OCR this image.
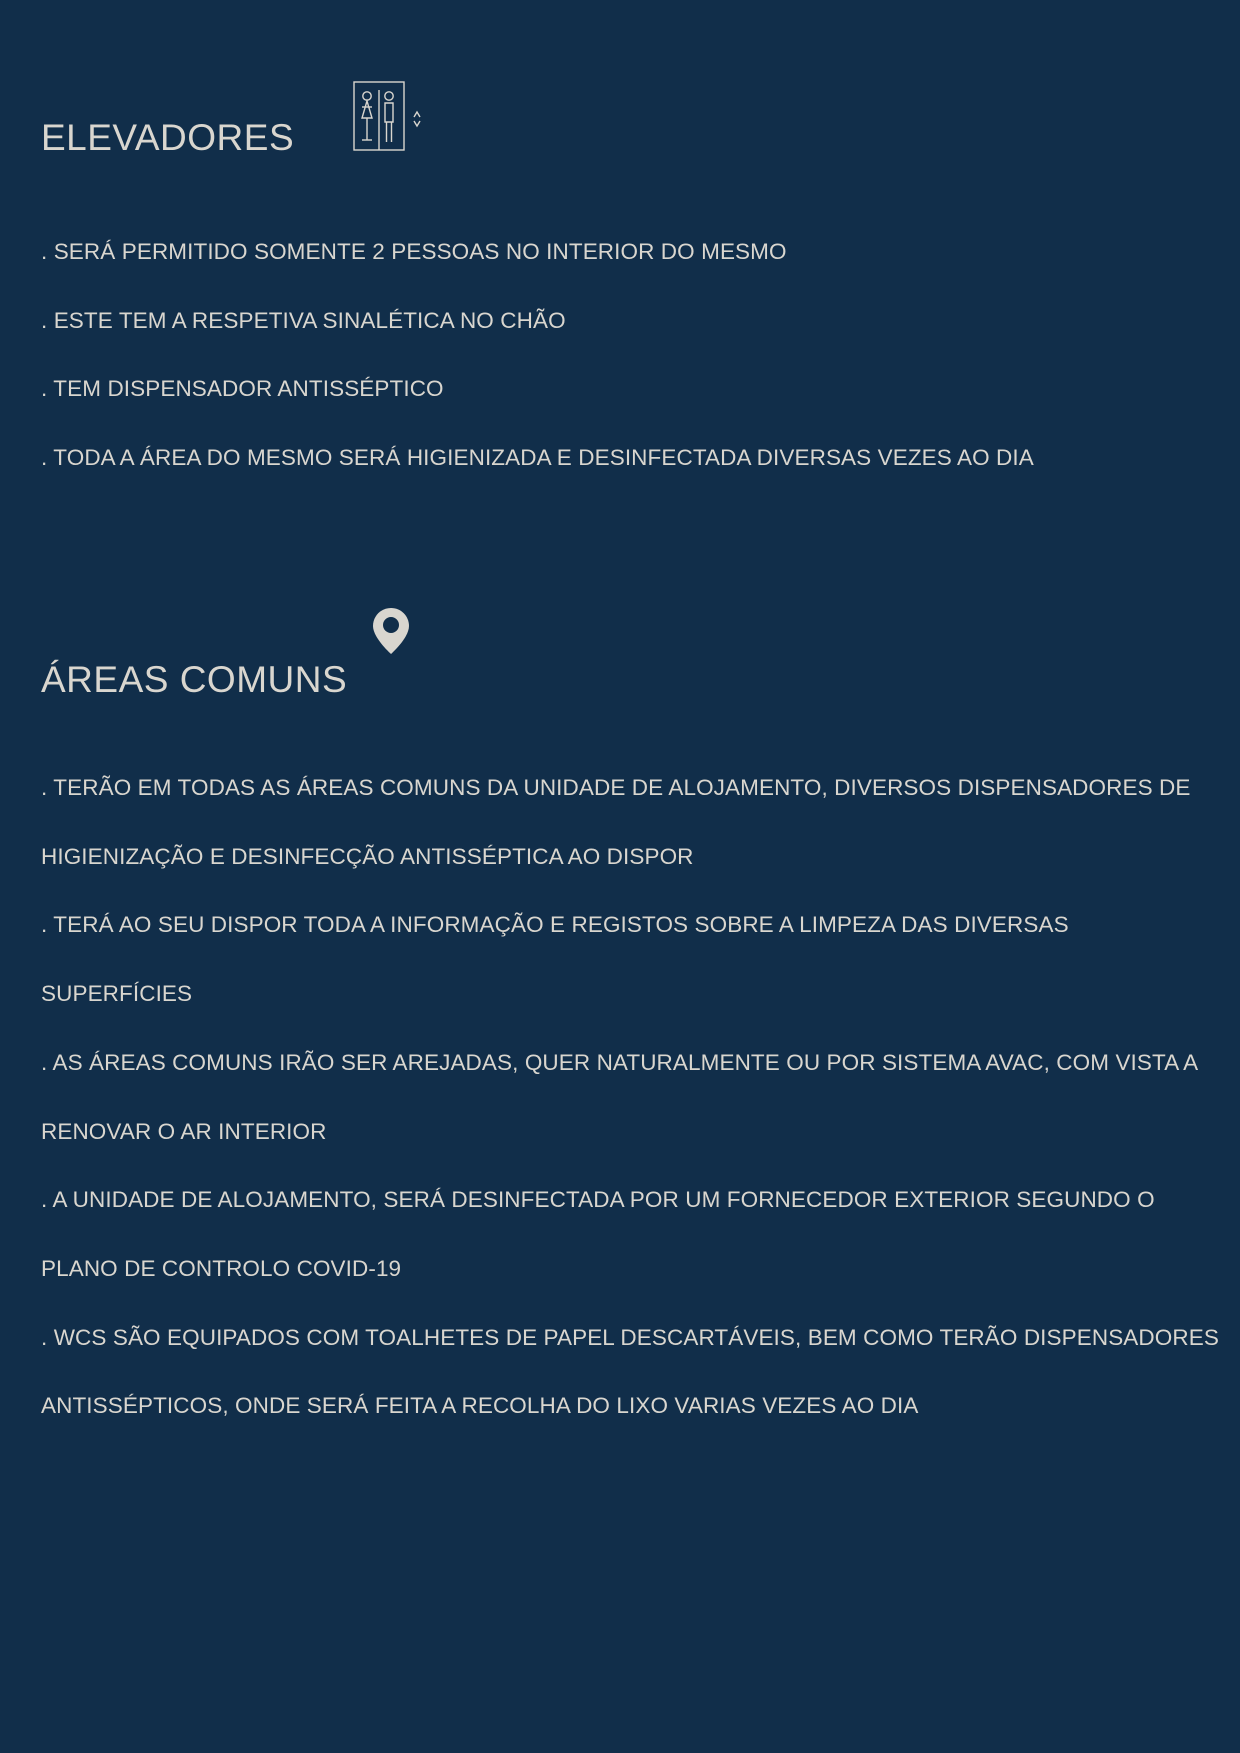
ELEVADORES
. SERÁ PERMITIDO SOMENTE 2 PESSOAS NO INTERIOR DO MESMO
. ESTE TEM A RESPETIVA SINALÉTICA NO CHÃO
. TEM DISPENSADOR ANTISSÉPTICO
. TODA A ÁREA DO MESMO SERÁ HIGIENIZADA E DESINFECTADA DIVERSAS VEZES AO DIA
ÁREAS COMUNS
. TERÃO EM TODAS AS ÁREAS COMUNS DA UNIDADE DE ALOJAMENTO, DIVERSOS DISPENSADORES DE HIGIENIZAÇÃO E DESINFECÇÃO ANTISSÉPTICA AO DISPOR
. TERÁ AO SEU DISPOR TODA A INFORMAÇÃO E REGISTOS SOBRE A LIMPEZA DAS DIVERSAS SUPERFÍCIES
. AS ÁREAS COMUNS IRÃO SER AREJADAS, QUER NATURALMENTE OU POR SISTEMA AVAC, COM VISTA A RENOVAR O AR INTERIOR
. A UNIDADE DE ALOJAMENTO, SERÁ DESINFECTADA POR UM FORNECEDOR EXTERIOR SEGUNDO O PLANO DE CONTROLO COVID-19
. WCS SÃO EQUIPADOS COM TOALHETES DE PAPEL DESCARTÁVEIS, BEM COMO TERÃO DISPENSADORES ANTISSÉPTICOS, ONDE SERÁ FEITA A RECOLHA DO LIXO VARIAS VEZES AO DIA
